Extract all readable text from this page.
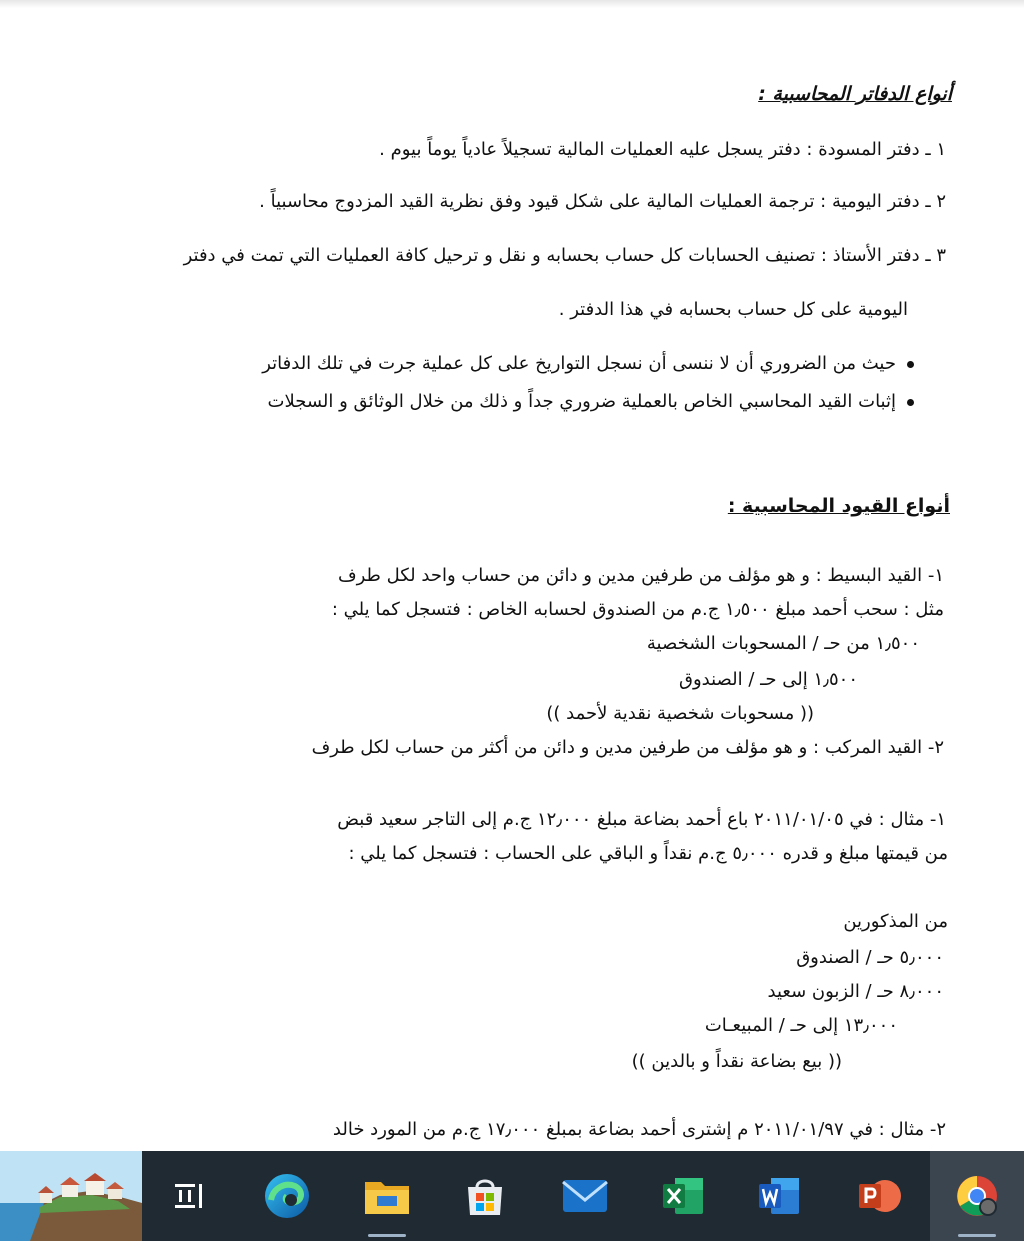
أنواع الدفاتر المحاسبية :
١ ـ دفتر المسودة : دفتر يسجل عليه العمليات المالية تسجيلاً عادياً يوماً بيوم .
٢ ـ دفتر اليومية : ترجمة العمليات المالية على شكل قيود وفق نظرية القيد المزدوج محاسبياً .
٣ ـ دفتر الأستاذ : تصنيف الحسابات كل حساب بحسابه و نقل و ترحيل كافة العمليات التي تمت في دفتر
اليومية على كل حساب بحسابه في هذا الدفتر .
حيث من الضروري أن لا ننسى أن نسجل التواريخ على كل عملية جرت في تلك الدفاتر
إثبات القيد المحاسبي الخاص بالعملية ضروري جداً و ذلك من خلال الوثائق و السجلات
أنواع القيود المحاسبية :
١- القيد البسيط : و هو مؤلف من طرفين مدين و دائن من حساب واحد لكل طرف
مثل : سحب أحمد مبلغ ١٫٥٠٠ ج.م من الصندوق لحسابه الخاص : فتسجل كما يلي :
١٫٥٠٠ من حـ / المسحوبات الشخصية
١٫٥٠٠ إلى حـ / الصندوق
(( مسحوبات شخصية نقدية لأحمد ))
٢- القيد المركب : و هو مؤلف من طرفين مدين و دائن من أكثر من حساب لكل طرف
١- مثال : في ٢٠١١/٠١/٠٥ باع أحمد بضاعة مبلغ ١٢٫٠٠٠ ج.م إلى التاجر سعيد قبض
من قيمتها مبلغ و قدره ٥٫٠٠٠ ج.م نقداً و الباقي على الحساب : فتسجل كما يلي :
من المذكورين
٥٫٠٠٠ حـ / الصندوق
٨٫٠٠٠ حـ / الزبون سعيد
١٣٫٠٠٠ إلى حـ / المبيعـات
(( بيع بضاعة نقداً و بالدين ))
٢- مثال : في ٢٠١١/٠١/٩٧ م إشترى أحمد بضاعة بمبلغ ١٧٫٠٠٠ ج.م من المورد خالد
